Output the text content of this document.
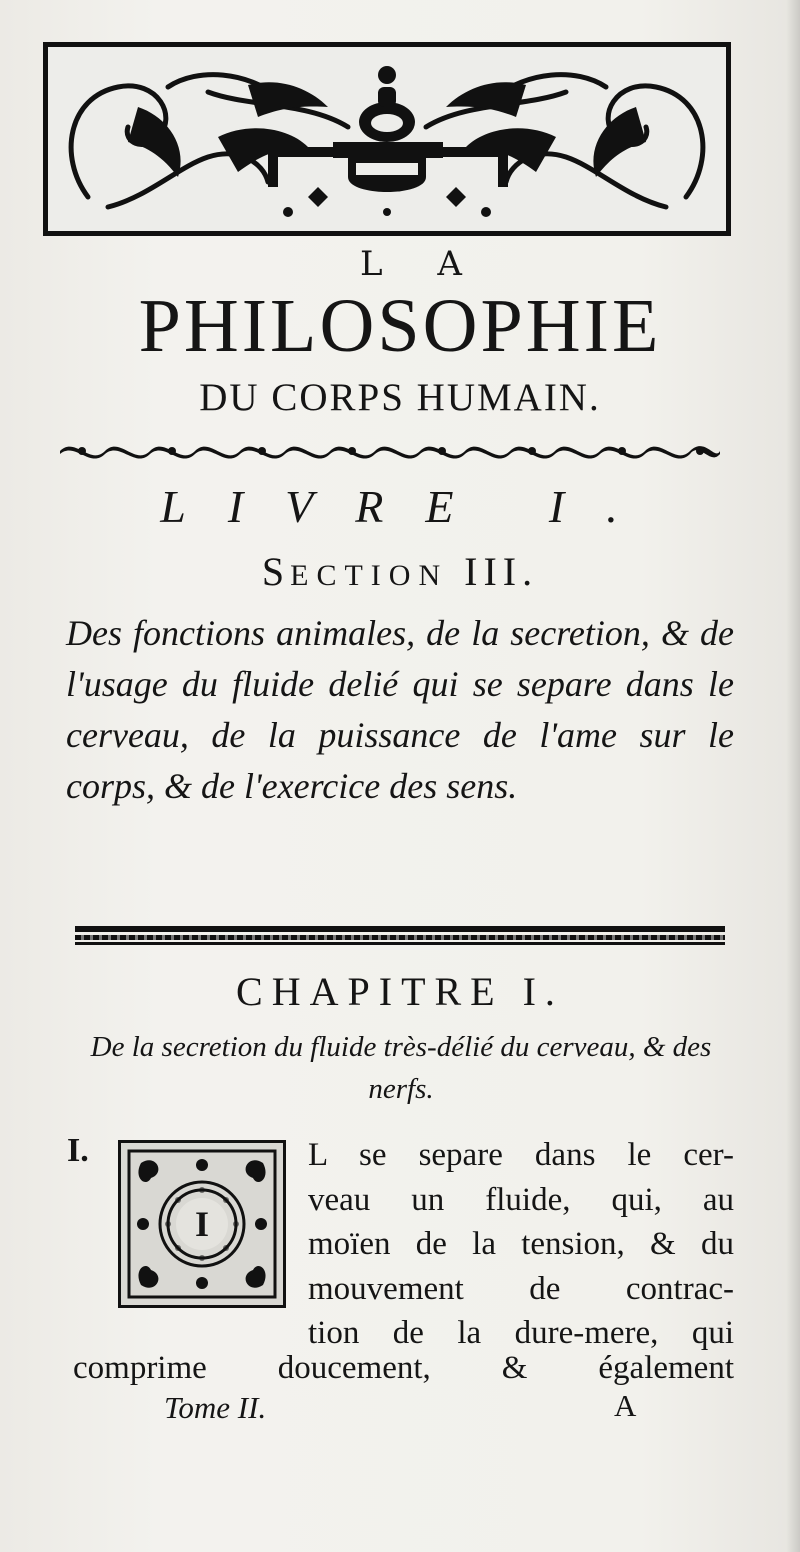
L A
PHILOSOPHIE
DU CORPS HUMAIN.
LIVRE I.
SECTION III.
Des fonctions animales, de la secretion, & de l'usage du fluide delié qui se separe dans le cerveau, de la puissance de l'ame sur le corps, & de l'exercice des sens.
CHAPITRE I.
De la secretion du fluide très-délié du cerveau, & des nerfs.
I.
I
L se separe dans le cer-
veau un fluide, qui, au
moïen de la tension, & du
mouvement de contrac-
tion de la dure-mere, qui
comprime doucement, & également
Tome II.	A
